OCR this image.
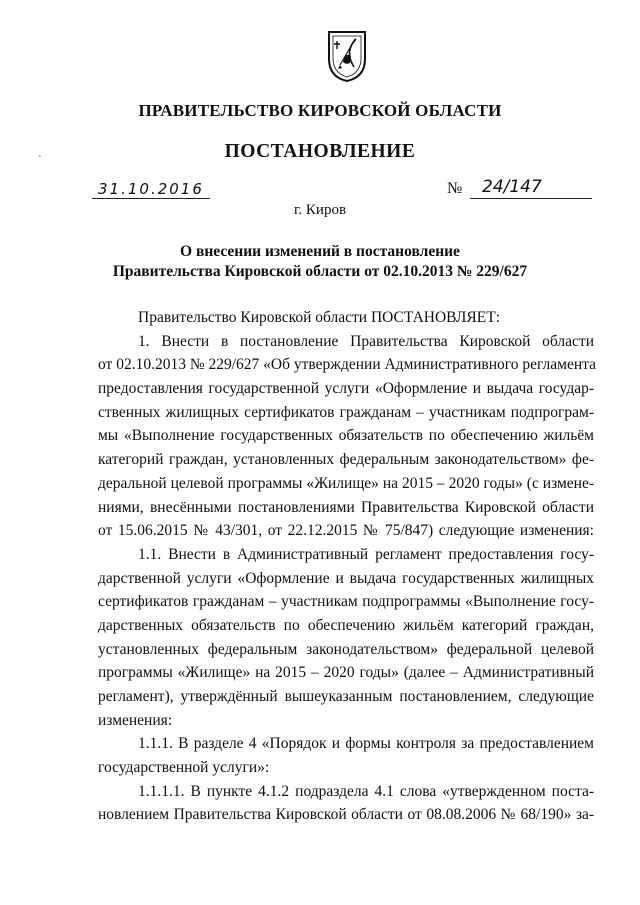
ПРАВИТЕЛЬСТВО КИРОВСКОЙ ОБЛАСТИ
ПОСТАНОВЛЕНИЕ
`
31.10.2016	№	24/147
г. Киров
О внесении изменений в постановление
Правительства Кировской области от 02.10.2013 № 229/627
Правительство Кировской области ПОСТАНОВЛЯЕТ:
1. Внести в постановление Правительства Кировской области
от 02.10.2013 № 229/627 «Об утверждении Административного регламента
предоставления государственной услуги «Оформление и выдача государ-
ственных жилищных сертификатов гражданам – участникам подпрограм-
мы «Выполнение государственных обязательств по обеспечению жильём
категорий граждан, установленных федеральным законодательством» фе-
деральной целевой программы «Жилище» на 2015 – 2020 годы» (с измене-
ниями, внесёнными постановлениями Правительства Кировской области
от 15.06.2015 № 43/301, от 22.12.2015 № 75/847) следующие изменения:
1.1. Внести в Административный регламент предоставления госу-
дарственной услуги «Оформление и выдача государственных жилищных
сертификатов гражданам – участникам подпрограммы «Выполнение госу-
дарственных обязательств по обеспечению жильём категорий граждан,
установленных федеральным законодательством» федеральной целевой
программы «Жилище» на 2015 – 2020 годы» (далее – Административный
регламент), утверждённый вышеуказанным постановлением, следующие
изменения:
1.1.1. В разделе 4 «Порядок и формы контроля за предоставлением
государственной услуги»:
1.1.1.1. В пункте 4.1.2 подраздела 4.1 слова «утвержденном поста-
новлением Правительства Кировской области от 08.08.2006 № 68/190» за-
